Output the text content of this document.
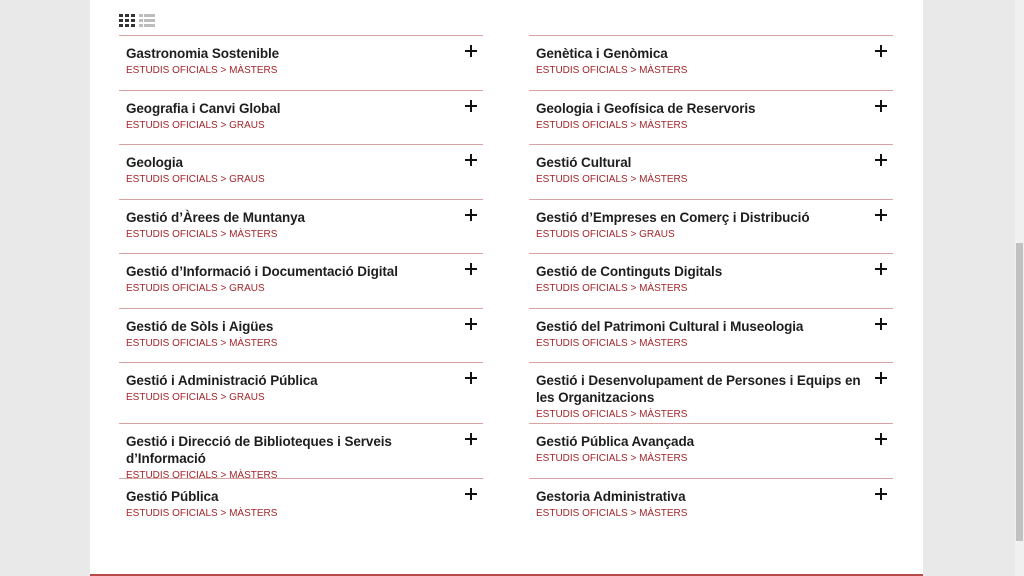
Gastronomia Sostenible
ESTUDIS OFICIALS > MÀSTERS
Geografia i Canvi Global
ESTUDIS OFICIALS > GRAUS
Geologia
ESTUDIS OFICIALS > GRAUS
Gestió d’Àrees de Muntanya
ESTUDIS OFICIALS > MÀSTERS
Gestió d’Informació i Documentació Digital
ESTUDIS OFICIALS > GRAUS
Gestió de Sòls i Aigües
ESTUDIS OFICIALS > MÀSTERS
Gestió i Administració Pública
ESTUDIS OFICIALS > GRAUS
Gestió i Direcció de Biblioteques i Serveis d’Informació
ESTUDIS OFICIALS > MÀSTERS
Gestió Pública
ESTUDIS OFICIALS > MÀSTERS
Genètica i Genòmica
ESTUDIS OFICIALS > MÀSTERS
Geologia i Geofísica de Reservoris
ESTUDIS OFICIALS > MÀSTERS
Gestió Cultural
ESTUDIS OFICIALS > MÀSTERS
Gestió d’Empreses en Comerç i Distribució
ESTUDIS OFICIALS > GRAUS
Gestió de Continguts Digitals
ESTUDIS OFICIALS > MÀSTERS
Gestió del Patrimoni Cultural i Museologia
ESTUDIS OFICIALS > MÀSTERS
Gestió i Desenvolupament de Persones i Equips en les Organitzacions
ESTUDIS OFICIALS > MÀSTERS
Gestió Pública Avançada
ESTUDIS OFICIALS > MÀSTERS
Gestoria Administrativa
ESTUDIS OFICIALS > MÀSTERS
